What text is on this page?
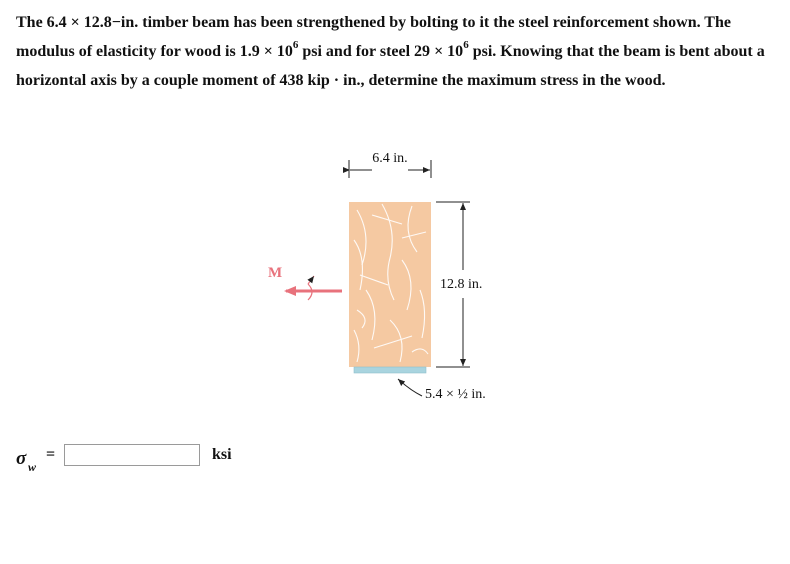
The 6.4 × 12.8−in. timber beam has been strengthened by bolting to it the steel reinforcement shown. The modulus of elasticity for wood is $1.9 \times 10^6$ psi and for steel $29 \times 10^6$ psi. Knowing that the beam is bent about a horizontal axis by a couple moment of 438 kip · in., determine the maximum stress in the wood.

6.4 in.
12.8 in.
5.4 × ½ in.
M
σ w
=	ksi
